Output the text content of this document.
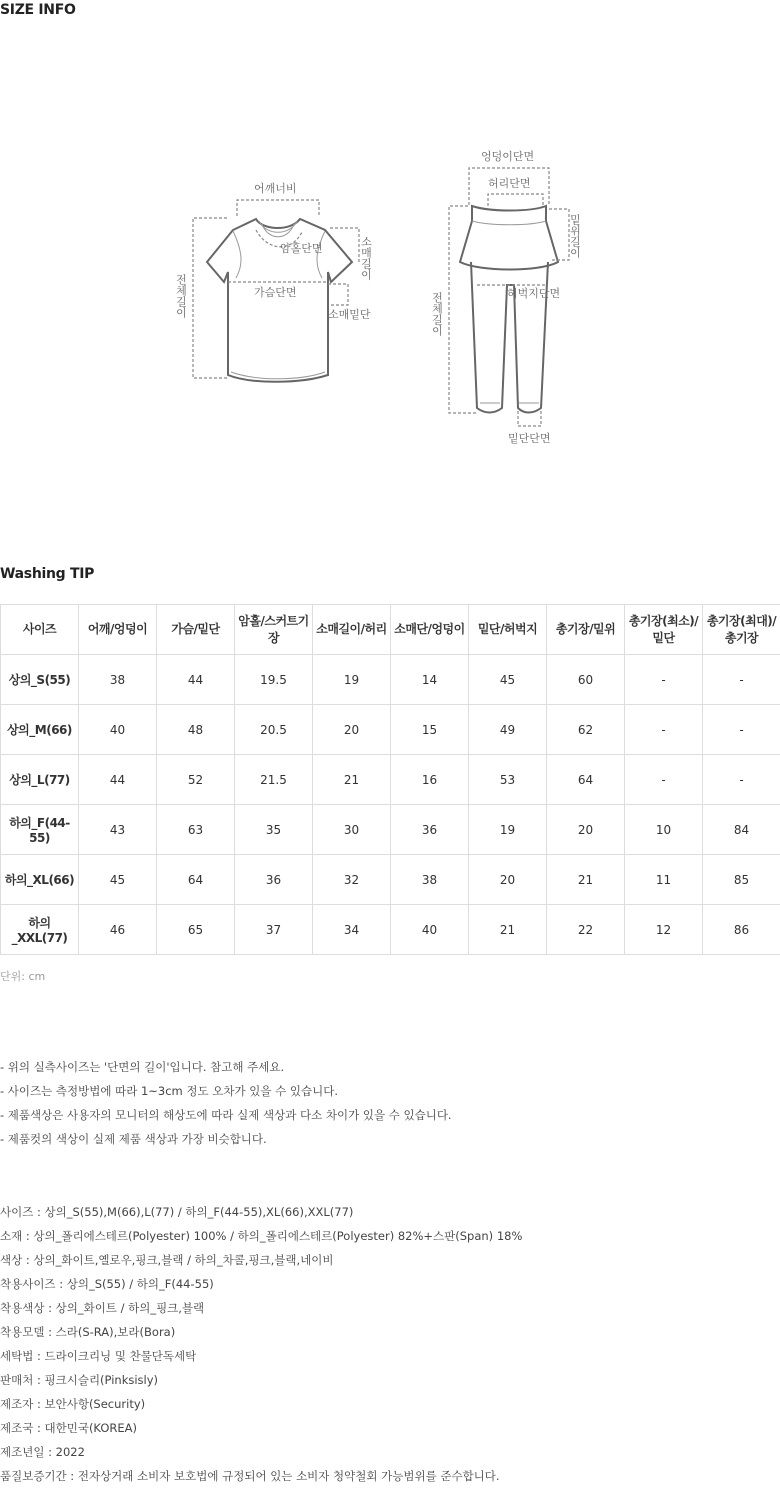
SIZE INFO
어깨너비
암홀단면
가슴단면
소매밑단
소매길이
전체길이
엉덩이단면
허리단면
밑위길이
허벅지단면
밑단단면
전체길이
Washing TIP
사이즈	어깨/엉덩이	가슴/밑단	암홀/스커트기장	소매길이/허리	소매단/엉덩이	밑단/허벅지	총기장/밑위	총기장(최소)/밑단	총기장(최대)/총기장
상의_S(55)	38	44	19.5	19	14	45	60	-	-
상의_M(66)	40	48	20.5	20	15	49	62	-	-
상의_L(77)	44	52	21.5	21	16	53	64	-	-
하의_F(44-55)	43	63	35	30	36	19	20	10	84
하의_XL(66)	45	64	36	32	38	20	21	11	85
하의_XXL(77)	46	65	37	34	40	21	22	12	86
단위: cm
- 위의 실측사이즈는 '단면의 길이'입니다. 참고해 주세요.
- 사이즈는 측정방법에 따라 1~3cm 정도 오차가 있을 수 있습니다.
- 제품색상은 사용자의 모니터의 해상도에 따라 실제 색상과 다소 차이가 있을 수 있습니다.
- 제품컷의 색상이 실제 제품 색상과 가장 비슷합니다.
사이즈 : 상의_S(55),M(66),L(77) / 하의_F(44-55),XL(66),XXL(77)
소재 : 상의_폴리에스테르(Polyester) 100% / 하의_폴리에스테르(Polyester) 82%+스판(Span) 18%
색상 : 상의_화이트,옐로우,핑크,블랙 / 하의_차콜,핑크,블랙,네이비
착용사이즈 : 상의_S(55) / 하의_F(44-55)
착용색상 : 상의_화이트 / 하의_핑크,블랙
착용모델 : 스라(S-RA),보라(Bora)
세탁법 : 드라이크리닝 및 찬물단독세탁
판매처 : 핑크시슬리(Pinksisly)
제조자 : 보안사항(Security)
제조국 : 대한민국(KOREA)
제조년일 : 2022
품질보증기간 : 전자상거래 소비자 보호법에 규정되어 있는 소비자 청약철회 가능범위를 준수합니다.
